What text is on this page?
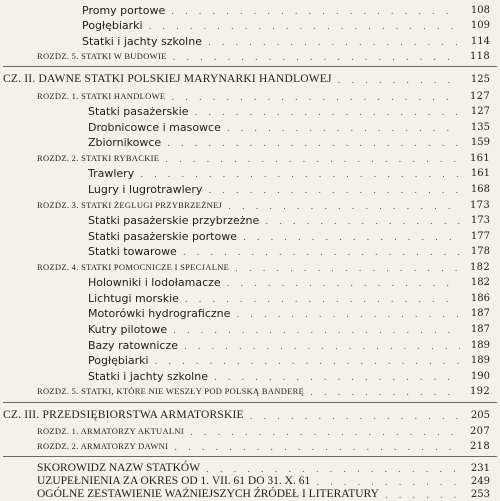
Promy portowe . . .	108
Pogłębiarki . . .	109
Statki i jachty szkolne . . .	114
ROZDZ. 5. STATKI W BUDOWIE . . .	118
CZ. II. DAWNE STATKI POLSKIEJ MARYNARKI HANDLOWEJ . . .	125
ROZDZ. 1. STATKI HANDLOWE . . .	127
Statki pasażerskie . . .	127
Drobnicowce i masowce . . .	135
Zbiornikowce . . .	159
ROZDZ. 2. STATKI RYBACKIE . . .	161
Trawlery . . .	161
Lugry i lugrotrawlery . . .	168
ROZDZ. 3. STATKI ŻEGLUGI PRZYBRZEŻNEJ . . .	173
Statki pasażerskie przybrzeżne . . .	173
Statki pasażerskie portowe . . .	177
Statki towarowe . . .	178
ROZDZ. 4. STATKI POMOCNICZE I SPECJALNE . . .	182
Holowniki i lodołamacze . . .	182
Lichtugi morskie . . .	186
Motorówki hydrograficzne . . .	187
Kutry pilotowe . . .	187
Bazy ratownicze . . .	189
Pogłębiarki . . .	189
Statki i jachty szkolne . . .	190
ROZDZ. 5. STATKI, KTÓRE NIE WESZŁY POD POLSKĄ BANDERĘ . . .	192
CZ. III. PRZEDSIĘBIORSTWA ARMATORSKIE . . .	205
ROZDZ. 1. ARMATORZY AKTUALNI . . .	207
ROZDZ. 2. ARMATORZY DAWNI . . .	218
SKOROWIDZ NAZW STATKÓW . . .	231
UZUPEŁNIENIA ZA OKRES OD 1. VII. 61 DO 31. X. 61 . . .	249
OGÓLNE ZESTAWIENIE WAŻNIEJSZYCH ŹRÓDEŁ I LITERATURY . . .	253
